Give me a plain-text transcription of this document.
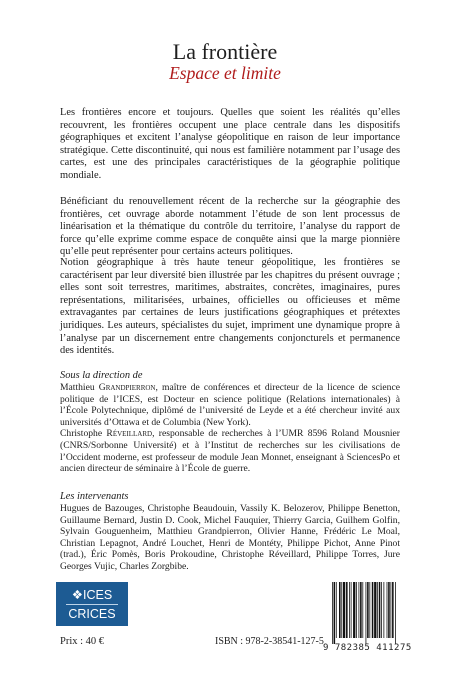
La frontière
Espace et limite

Les frontières encore et toujours. Quelles que soient les réalités qu’elles recouvrent, les frontières occupent une place centrale dans les dispositifs géographiques et excitent l’analyse géopolitique en raison de leur importance stratégique. Cette discontinuité, qui nous est familière notamment par l’usage des cartes, est une des principales caractéristiques de la géographie politique mondiale.

Bénéficiant du renouvellement récent de la recherche sur la géographie des frontières, cet ouvrage aborde notamment l’étude de son lent processus de linéarisation et la thématique du contrôle du territoire, l’analyse du rapport de force qu’elle exprime comme espace de conquête ainsi que la marge pionnière qu’elle peut représenter pour certains acteurs politiques.

Notion géographique à très haute teneur géopolitique, les frontières se caractérisent par leur diversité bien illustrée par les chapitres du présent ouvrage ; elles sont soit terrestres, maritimes, abstraites, concrètes, imaginaires, pures représentations, militarisées, urbaines, officielles ou officieuses et même extravagantes par certaines de leurs justifications géographiques et prétextes juridiques. Les auteurs, spécialistes du sujet, impriment une dynamique propre à l’analyse par un discernement entre changements conjoncturels et permanence des identités.

Sous la direction de

Matthieu Grandpierron, maître de conférences et directeur de la licence de science politique de l’ICES, est Docteur en science politique (Relations internationales) à l’École Polytechnique, diplômé de l’université de Leyde et a été chercheur invité aux universités d’Ottawa et de Columbia (New York).

Christophe Réveillard, responsable de recherches à l’UMR 8596 Roland Mousnier (CNRS/Sorbonne Université) et à l’Institut de recherches sur les civilisations de l’Occident moderne, est professeur de module Jean Monnet, enseignant à SciencesPo et ancien directeur de séminaire à l’École de guerre.

Les intervenants

Hugues de Bazouges, Christophe Beaudouin, Vassily K. Belozerov, Philippe Benetton, Guillaume Bernard, Justin D. Cook, Michel Fauquier, Thierry Garcia, Guilhem Golfin, Sylvain Gouguenheim, Matthieu Grandpierron, Olivier Hanne, Frédéric Le Moal, Christian Lepagnot, André Louchet, Henri de Montéty, Philippe Pichot, Anne Pinot (trad.), Éric Pomès, Boris Prokoudine, Christophe Réveillard, Philippe Torres, Jure Georges Vujic, Charles Zorgbibe.

❖ICES
CRICES
Prix : 40 €	ISBN : 978-2-38541-127-5
9 782385 411275
